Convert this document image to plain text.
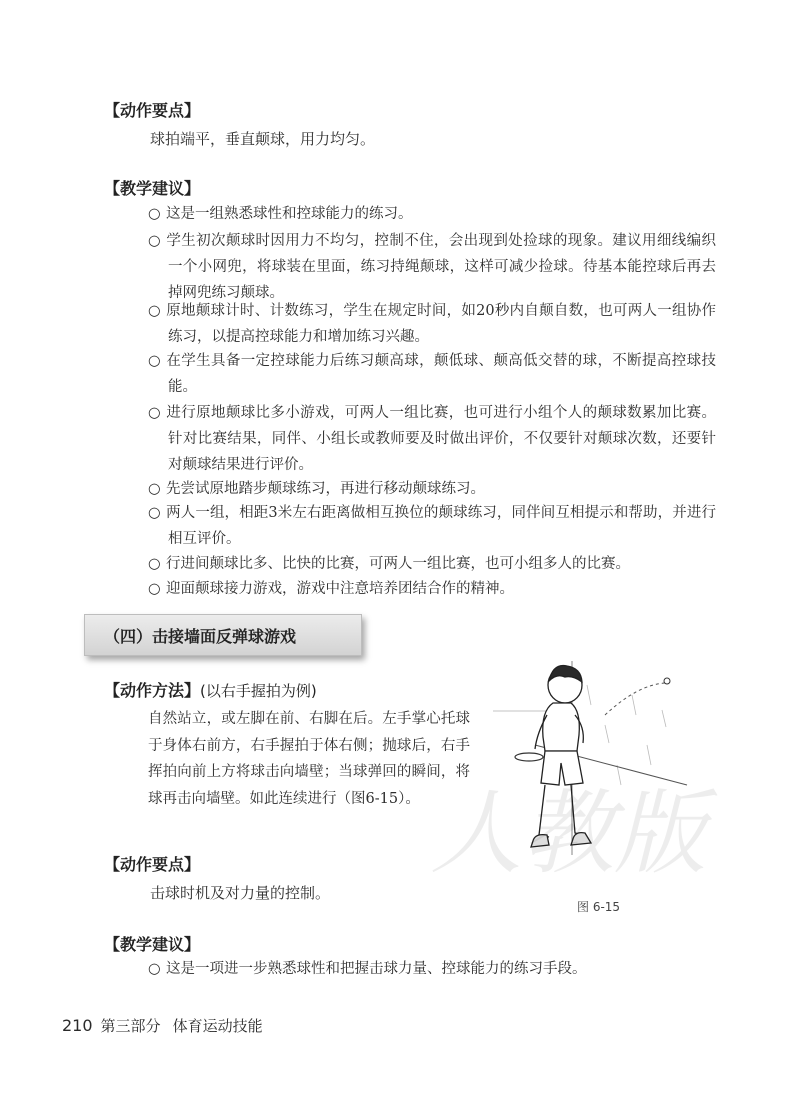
【动作要点】
球拍端平，垂直颠球，用力均匀。
【教学建议】
○ 这是一组熟悉球性和控球能力的练习。
○ 学生初次颠球时因用力不均匀，控制不住，会出现到处捡球的现象。建议用细线编织一个小网兜，将球装在里面，练习持绳颠球，这样可减少捡球。待基本能控球后再去掉网兜练习颠球。
○ 原地颠球计时、计数练习，学生在规定时间，如20秒内自颠自数，也可两人一组协作练习，以提高控球能力和增加练习兴趣。
○ 在学生具备一定控球能力后练习颠高球，颠低球、颠高低交替的球，不断提高控球技能。
○ 进行原地颠球比多小游戏，可两人一组比赛，也可进行小组个人的颠球数累加比赛。针对比赛结果，同伴、小组长或教师要及时做出评价，不仅要针对颠球次数，还要针对颠球结果进行评价。
○ 先尝试原地踏步颠球练习，再进行移动颠球练习。
○ 两人一组，相距3米左右距离做相互换位的颠球练习，同伴间互相提示和帮助，并进行相互评价。
○ 行进间颠球比多、比快的比赛，可两人一组比赛，也可小组多人的比赛。
○ 迎面颠球接力游戏，游戏中注意培养团结合作的精神。
（四）击接墙面反弹球游戏
【动作方法】(以右手握拍为例)
自然站立，或左脚在前、右脚在后。左手掌心托球于身体右前方，右手握拍于体右侧；抛球后，右手挥拍向前上方将球击向墙壁；当球弹回的瞬间，将球再击向墙壁。如此连续进行（图6-15）。 人教版
【动作要点】
击球时机及对力量的控制。
图 6-15
【教学建议】
○ 这是一项进一步熟悉球性和把握击球力量、控球能力的练习手段。
210 第三部分 体育运动技能
